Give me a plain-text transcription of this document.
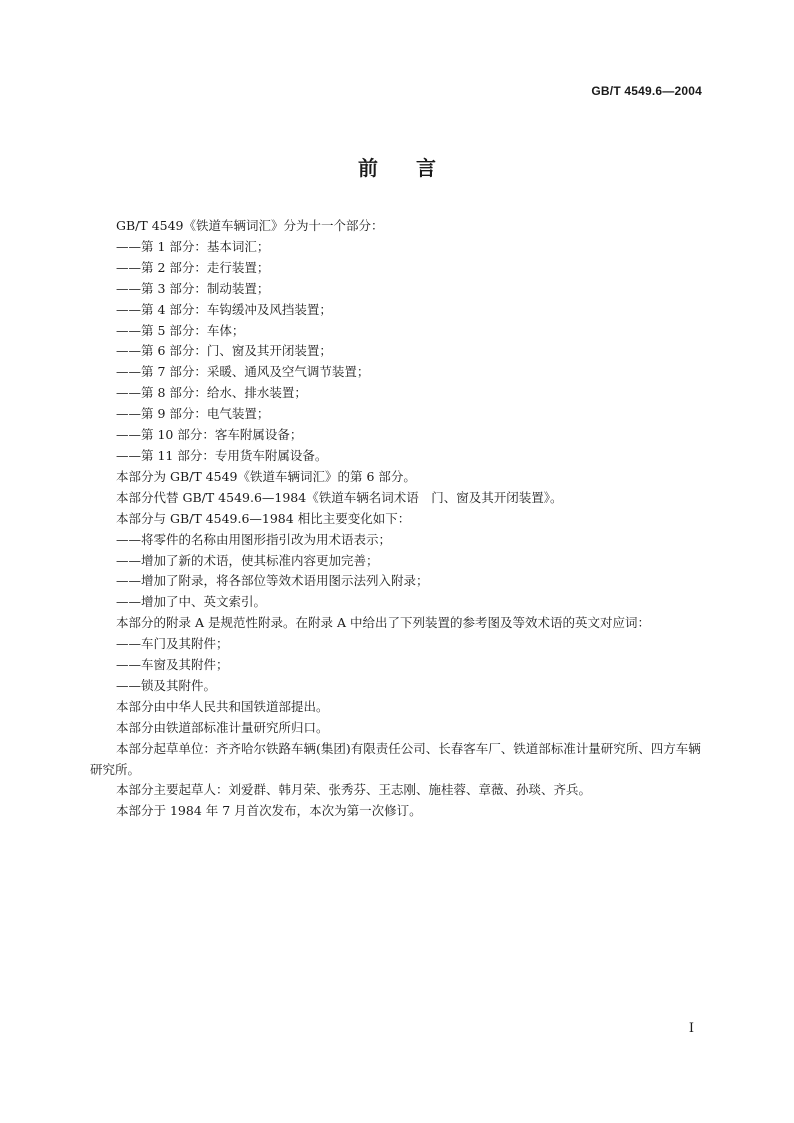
GB/T 4549.6—2004
前言
GB/T 4549《铁道车辆词汇》分为十一个部分：
——第 1 部分：基本词汇；
——第 2 部分：走行装置；
——第 3 部分：制动装置；
——第 4 部分：车钩缓冲及风挡装置；
——第 5 部分：车体；
——第 6 部分：门、窗及其开闭装置；
——第 7 部分：采暖、通风及空气调节装置；
——第 8 部分：给水、排水装置；
——第 9 部分：电气装置；
——第 10 部分：客车附属设备；
——第 11 部分：专用货车附属设备。
本部分为 GB/T 4549《铁道车辆词汇》的第 6 部分。
本部分代替 GB/T 4549.6—1984《铁道车辆名词术语　门、窗及其开闭装置》。
本部分与 GB/T 4549.6—1984 相比主要变化如下：
——将零件的名称由用图形指引改为用术语表示；
——增加了新的术语，使其标准内容更加完善；
——增加了附录，将各部位等效术语用图示法列入附录；
——增加了中、英文索引。
本部分的附录 A 是规范性附录。在附录 A 中给出了下列装置的参考图及等效术语的英文对应词：
——车门及其附件；
——车窗及其附件；
——锁及其附件。
本部分由中华人民共和国铁道部提出。
本部分由铁道部标准计量研究所归口。
本部分起草单位：齐齐哈尔铁路车辆(集团)有限责任公司、长春客车厂、铁道部标准计量研究所、四方车辆研究所。
本部分主要起草人：刘爱群、韩月荣、张秀芬、王志刚、施桂蓉、章薇、孙琰、齐兵。
本部分于 1984 年 7 月首次发布，本次为第一次修订。
I
